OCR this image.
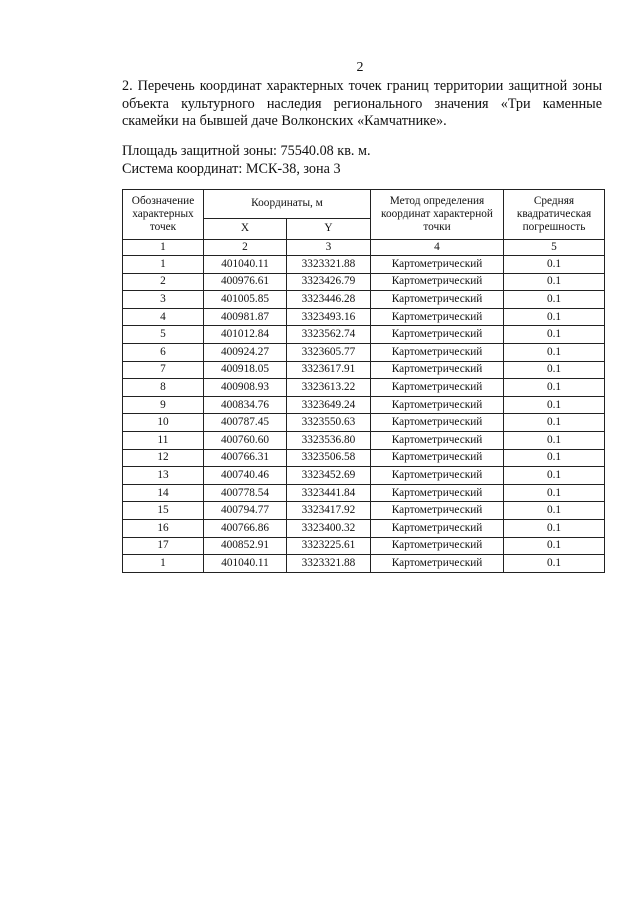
2
2. Перечень координат характерных точек границ территории защитной зоны объекта культурного наследия регионального значения «Три каменные скамейки на бывшей даче Волконских «Камчатнике».
Площадь защитной зоны: 75540.08 кв. м.
Система координат: МСК-38, зона 3
Обозначение характерных точек	Координаты, м		Метод определения координат характерной точки	Средняя квадратическая погрешность
	X	Y		
1	2	3	4	5
1	401040.11	3323321.88	Картометрический	0.1
2	400976.61	3323426.79	Картометрический	0.1
3	401005.85	3323446.28	Картометрический	0.1
4	400981.87	3323493.16	Картометрический	0.1
5	401012.84	3323562.74	Картометрический	0.1
6	400924.27	3323605.77	Картометрический	0.1
7	400918.05	3323617.91	Картометрический	0.1
8	400908.93	3323613.22	Картометрический	0.1
9	400834.76	3323649.24	Картометрический	0.1
10	400787.45	3323550.63	Картометрический	0.1
11	400760.60	3323536.80	Картометрический	0.1
12	400766.31	3323506.58	Картометрический	0.1
13	400740.46	3323452.69	Картометрический	0.1
14	400778.54	3323441.84	Картометрический	0.1
15	400794.77	3323417.92	Картометрический	0.1
16	400766.86	3323400.32	Картометрический	0.1
17	400852.91	3323225.61	Картометрический	0.1
1	401040.11	3323321.88	Картометрический	0.1
